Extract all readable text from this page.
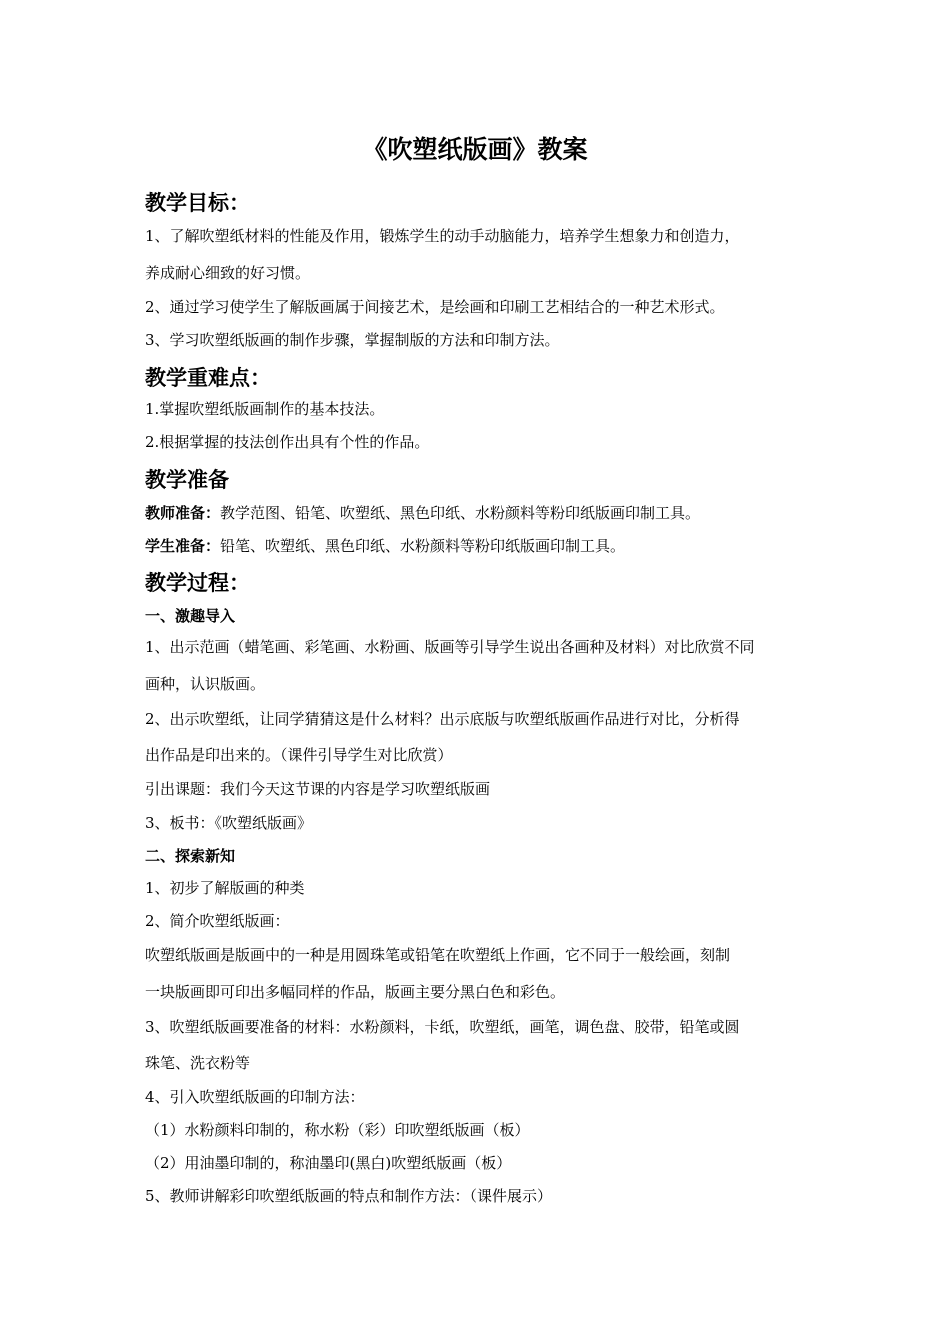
《吹塑纸版画》教案
教学目标：
1、了解吹塑纸材料的性能及作用，锻炼学生的动手动脑能力，培养学生想象力和创造力，
养成耐心细致的好习惯。
2、通过学习使学生了解版画属于间接艺术，是绘画和印刷工艺相结合的一种艺术形式。
3、学习吹塑纸版画的制作步骤，掌握制版的方法和印制方法。
教学重难点：
1.掌握吹塑纸版画制作的基本技法。
2.根据掌握的技法创作出具有个性的作品。
教学准备
教师准备：教学范图、铅笔、吹塑纸、黑色印纸、水粉颜料等粉印纸版画印制工具。
学生准备：铅笔、吹塑纸、黑色印纸、水粉颜料等粉印纸版画印制工具。
教学过程：
一、激趣导入
1、出示范画（蜡笔画、彩笔画、水粉画、版画等引导学生说出各画种及材料）对比欣赏不同
画种，认识版画。
2、出示吹塑纸，让同学猜猜这是什么材料？出示底版与吹塑纸版画作品进行对比，分析得
出作品是印出来的。（课件引导学生对比欣赏）
引出课题：我们今天这节课的内容是学习吹塑纸版画
3、板书：《吹塑纸版画》
二、探索新知
1、初步了解版画的种类
2、简介吹塑纸版画：
吹塑纸版画是版画中的一种是用圆珠笔或铅笔在吹塑纸上作画，它不同于一般绘画，刻制
一块版画即可印出多幅同样的作品，版画主要分黑白色和彩色。
3、吹塑纸版画要准备的材料：水粉颜料，卡纸，吹塑纸，画笔，调色盘、胶带，铅笔或圆
珠笔、洗衣粉等
4、引入吹塑纸版画的印制方法：
（1）水粉颜料印制的，称水粉（彩）印吹塑纸版画（板）
（2）用油墨印制的，称油墨印(黑白)吹塑纸版画（板）
5、教师讲解彩印吹塑纸版画的特点和制作方法：（课件展示）
